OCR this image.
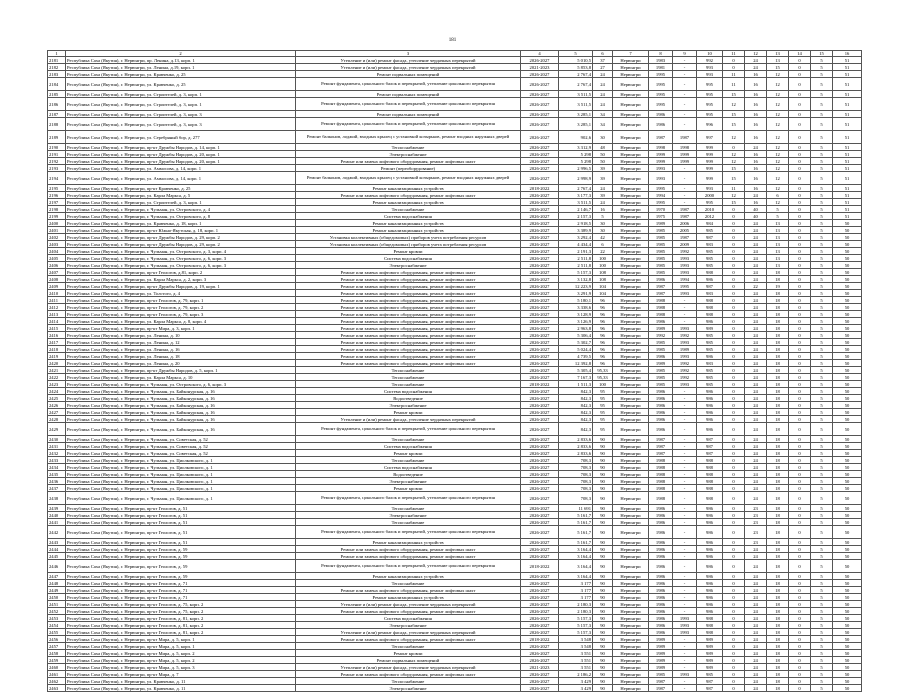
181
1	2	3	4	5	6	7	8	9	10	11	12	13	14	15	16
2181	Республика Саха (Якутия), г. Нерюнгри, пр. Ленина, д.13, корп. 1	Утепление и (или) ремонт фасада, утепление чердачных перекрытий	2026-2027	5 010,5	37	Нерюнгри	1983	-	992	0	24	13	0	5	51
2182	Республика Саха (Якутия), г. Нерюнгри, ул. Ленина, д.19, корп. 1	Утепление и (или) ремонт фасада, утепление чердачных перекрытий	2021-2023	5 853,8	27	Нерюнгри	1981	-	993	0	24	15	0	5	51
2183	Республика Саха (Якутия), г. Нерюнгри, ул. Кравченко, д. 25	Ремонт подвальных помещений	2026-2027	2 767,4	24	Нерюнгри	1995	-	993	11	16	12	0	5	51
2184	Республика Саха (Якутия), г. Нерюнгри, ул. Кравченко, д. 25	Ремонт фундамента, цокольного балок и перекрытий, утепление цокольного перекрытия	2026-2027	2 767,4	24	Нерюнгри	1995	-	995	11	16	12	0	5	51
2185	Республика Саха (Якутия), г. Нерюнгри, ул. Строителей, д. 3, корп. 1	Ремонт подвальных помещений	2026-2027	3 511,5	24	Нерюнгри	1995	-	995	15	16	12	0	5	51
2186	Республика Саха (Якутия), г. Нерюнгри, ул. Строителей, д. 3, корп. 1	Ремонт фундамента, цокольного балок и перекрытий, утепление цокольного перекрытия	2026-2027	3 511,5	24	Нерюнгри	1995	-	995	12	16	12	0	5	51
2187	Республика Саха (Якутия), г. Нерюнгри, ул. Строителей, д. 3, корп. 3	Ремонт подвальных помещений	2026-2027	3 285,1	34	Нерюнгри	1986	-	995	15	16	12	0	5	51
2188	Республика Саха (Якутия), г. Нерюнгри, ул. Строителей, д. 3, корп. 3	Ремонт фундамента, цокольного балок и перекрытий, утепление цокольного перекрытия	2026-2027	3 285,1	34	Нерюнгри	1986	-	996	15	16	12	0	5	51
2189	Республика Саха (Якутия), г. Нерюнгри, ул. Серебряный бор, д. 277	Ремонт балконов, лоджий, входных крылец с установкой козырьков, ремонт входных наружных дверей	2026-2027	902,6	30	Нерюнгри	1987	1987	997	12	16	12	0	5	51
2190	Республика Саха (Якутия), г. Нерюнгри, пр-кт Дружбы Народов, д. 14, корп. 1	Теплоснабжение	2026-2027	3 312,9	48	Нерюнгри	1998	1998	999	0	24	12	0	5	51
2191	Республика Саха (Якутия), г. Нерюнгри, пр-кт Дружбы Народов, д. 20, корп. 1	Электроснабжение	2026-2027	5 298	50	Нерюнгри	1999	1999	999	12	16	12	0	5	51
2192	Республика Саха (Якутия), г. Нерюнгри, пр-кт Дружбы Народов, д. 20, корп. 1	Ремонт или замена лифтового оборудования, ремонт лифтовых шахт	2026-2027	5 298	50	Нерюнгри	1999	1999	999	12	16	12	0	5	51
2193	Республика Саха (Якутия), г. Нерюнгри, ул. Аммосова, д. 14, корп. 1	Ремонт (переоборудование)	2026-2027	2 996,5	39	Нерюнгри	1993	-	999	15	16	12	0	5	51
2194	Республика Саха (Якутия), г. Нерюнгри, ул. Аммосова, д. 14, корп. 1	Ремонт балконов, лоджий, входных крылец с установкой козырьков, ремонт входных наружных дверей	2026-2027	2 998,9	39	Нерюнгри	1993	-	999	15	16	12	0	5	51
2195	Республика Саха (Якутия), г. Нерюнгри, пр-кт Кравченко, д. 25	Ремонт канализационных устройств	2018-2022	2 767,4	24	Нерюнгри	1995	-	993	11	16	12	0	5	51
2196	Республика Саха (Якутия), г. Нерюнгри, ул. Карла Маркса, д. 5	Ремонт или замена лифтового оборудования, ремонт лифтовых шахт	2026-2027	3 177,3	39	Нерюнгри	1994	-	2000	12	24	6	0	5	51
2197	Республика Саха (Якутия), г. Нерюнгри, ул. Строителей, д. 3, корп. 1	Ремонт канализационных устройств	2026-2027	3 511,5	24	Нерюнгри	1995	-	995	15	16	12	0	5	51
2198	Республика Саха (Якутия), г. Нерюнгри, г. Чульман, ул. Островского, д. 4	Теплоснабжение	2026-2027	2 146,7	16	Нерюнгри	1970	1987	2010	0	40	5	0	5	51
2199	Республика Саха (Якутия), г. Нерюнгри, г. Чульман, ул. Островского, д. 8	Система водоснабжения	2026-2027	2 157,3	5	Нерюнгри	1975	1987	2012	0	40	5	0	5	51
2400	Республика Саха (Якутия), г. Нерюнгри, ул. Кравченко, д. 18, корп. 1	Ремонт канализационных устройств	2026-2027	2 918,5	30	Нерюнгри	1989	2006	984	0	24	13	0	5	50
2401	Республика Саха (Якутия), г. Нерюнгри, пр-кт Южно-Якутская, д. 18, корп. 1	Ремонт канализационных устройств	2026-2027	3 389,9	30	Нерюнгри	1985	2005	985	0	24	13	0	5	50
2402	Республика Саха (Якутия), г. Нерюнгри, пр-кт Дружбы Народов, д. 29, корп. 2	Установка коллективных (общедомовых) приборов учета потребления ресурсов	2026-2027	3 292,4	42	Нерюнгри	1985	1987	987	0	24	13	0	5	50
2403	Республика Саха (Якутия), г. Нерюнгри, пр-кт Дружбы Народов, д. 29, корп. 2	Установка коллективных (общедомовых) приборов учета потребления ресурсов	2026-2027	4 434,4	6	Нерюнгри	1985	2009	983	0	24	13	0	5	50
2404	Республика Саха (Якутия), г. Нерюнгри, г. Чульман, ул. Островского, д. 3, корп. 4	Ремонт кровли	2026-2027	2 191,3	22	Нерюнгри	1985	1992	985	0	24	13	0	5	50
2405	Республика Саха (Якутия), г. Нерюнгри, г. Чульман, ул. Островского, д. 6, корп. 3	Система водоснабжения	2026-2027	2 511,8	100	Нерюнгри	1985	1993	985	0	24	13	0	5	50
2406	Республика Саха (Якутия), г. Нерюнгри, г. Чульман, ул. Островского, д. 6, корп. 3	Электроснабжение	2026-2027	2 511,8	100	Нерюнгри	1985	1993	985	0	24	13	0	5	50
2407	Республика Саха (Якутия), г. Нерюнгри, пр-кт Геологов, д.81, корп. 2	Ремонт или замена лифтового оборудования, ремонт лифтовых шахт	2026-2027	5 157,3	108	Нерюнгри	1985	1993	988	0	24	18	0	5	50
2408	Республика Саха (Якутия), г. Нерюнгри, ул. Карла Маркса, д. 2, корп. 3	Ремонт или замена лифтового оборудования, ремонт лифтовых шахт	2026-2027	3 132,8	108	Нерюнгри	1986	1994	986	0	24	18	0	5	50
2409	Республика Саха (Якутия), г. Нерюнгри, пр-кт Дружбы Народов, д. 19, корп. 1	Ремонт или замена лифтового оборудования, ремонт лифтовых шахт	2026-2027	12 223,9	104	Нерюнгри	1987	1995	987	0	22	19	0	5	50
2410	Республика Саха (Якутия), г. Нерюнгри, ул. Толстого, д. 4	Ремонт или замена лифтового оборудования, ремонт лифтовых шахт	2026-2027	3 291,9	104	Нерюнгри	1987	1993	983	0	24	18	0	5	50
2411	Республика Саха (Якутия), г. Нерюнгри, пр-кт Геологов, д. 79, корп. 1	Ремонт или замена лифтового оборудования, ремонт лифтовых шахт	2026-2027	5 180,1	96	Нерюнгри	1988	-	988	0	24	18	0	5	50
2412	Республика Саха (Якутия), г. Нерюнгри, пр-кт Геологов, д. 79, корп. 2	Ремонт или замена лифтового оборудования, ремонт лифтовых шахт	2026-2027	3 338,6	96	Нерюнгри	1988	-	988	0	24	18	0	5	50
2413	Республика Саха (Якутия), г. Нерюнгри, пр-кт Геологов, д. 79, корп. 3	Ремонт или замена лифтового оборудования, ремонт лифтовых шахт	2026-2027	3 128,9	96	Нерюнгри	1988	-	988	0	24	18	0	5	50
2414	Республика Саха (Якутия), г. Нерюнгри, ул. Карла Маркса, д. 8, корп. 4	Ремонт или замена лифтового оборудования, ремонт лифтовых шахт	2026-2027	3 126,9	96	Нерюнгри	1986	-	986	0	24	18	0	5	50
2415	Республика Саха (Якутия), г. Нерюнгри, пр-кт Мира, д. 3, корп. 1	Ремонт или замена лифтового оборудования, ремонт лифтовых шахт	2026-2027	2 963,8	96	Нерюнгри	1989	1993	989	0	24	18	0	5	50
2416	Республика Саха (Якутия), г. Нерюнгри, ул. Ленина, д. 10	Ремонт или замена лифтового оборудования, ремонт лифтовых шахт	2026-2027	5 306,4	96	Нерюнгри	1992	1992	985	0	24	18	0	5	50
2417	Республика Саха (Якутия), г. Нерюнгри, ул. Ленина, д. 12	Ремонт или замена лифтового оборудования, ремонт лифтовых шахт	2026-2027	5 302,7	96	Нерюнгри	1985	1993	985	0	24	18	0	5	50
2418	Республика Саха (Якутия), г. Нерюнгри, ул. Ленина, д. 16	Ремонт или замена лифтового оборудования, ремонт лифтовых шахт	2026-2027	5 024,4	96	Нерюнгри	1985	1989	985	0	24	18	0	5	50
2419	Республика Саха (Якутия), г. Нерюнгри, ул. Ленина, д. 18	Ремонт или замена лифтового оборудования, ремонт лифтовых шахт	2026-2027	4 739,5	96	Нерюнгри	1986	1993	986	0	24	18	0	5	50
2420	Республика Саха (Якутия), г. Нерюнгри, ул. Ленина, д. 20	Ремонт или замена лифтового оборудования, ремонт лифтовых шахт	2026-2027	12 392,8	96	Нерюнгри	1989	1992	983	0	24	18	0	5	50
2421	Республика Саха (Якутия), г. Нерюнгри, пр-кт Дружбы Народов, д. 5, корп. 1	Теплоснабжение	2026-2027	5 305,4	95,33	Нерюнгри	1985	1992	985	0	24	18	0	5	50
2422	Республика Саха (Якутия), г. Нерюнгри, ул. Карла Маркса, д. 10	Теплоснабжение	2026-2027	7 167,3	95,33	Нерюнгри	1985	1992	985	0	24	18	0	5	50
2423	Республика Саха (Якутия), г. Нерюнгри, г. Чульман, ул. Островского, д. 6, корп. 3	Теплоснабжение	2018-2022	1 511,3	100	Нерюнгри	1985	1993	985	0	24	18	0	5	50
2424	Республика Саха (Якутия), г. Нерюнгри, г. Чульман, ул. Байконурская, д. 16	Система водоснабжения	2026-2027	842,3	95	Нерюнгри	1986	-	986	0	24	18	0	5	50
2425	Республика Саха (Якутия), г. Нерюнгри, г. Чульман, ул. Байконурская, д. 16	Водоотведение	2026-2027	842,3	95	Нерюнгри	1986	-	986	0	24	18	0	5	50
2426	Республика Саха (Якутия), г. Нерюнгри, г. Чульман, ул. Байконурская, д. 16	Электроснабжение	2026-2027	842,3	95	Нерюнгри	1986	-	986	0	24	18	0	5	50
2427	Республика Саха (Якутия), г. Нерюнгри, г. Чульман, ул. Байконурская, д. 16	Ремонт кровли	2026-2027	842,3	95	Нерюнгри	1986	-	986	0	24	18	0	5	50
2428	Республика Саха (Якутия), г. Нерюнгри, г. Чульман, ул. Байконурская, д. 16	Утепление и (или) ремонт фасада, утепление чердачных перекрытий	2026-2027	842,3	95	Нерюнгри	1986	-	986	0	24	18	0	5	50
2429	Республика Саха (Якутия), г. Нерюнгри, г. Чульман, ул. Байконурская, д. 16	Ремонт фундамента, цокольного балок и перекрытий, утепление цокольного перекрытия	2026-2027	842,3	95	Нерюнгри	1986	-	986	0	24	18	0	5	50
2430	Республика Саха (Якутия), г. Нерюнгри, г. Чульман, ул. Советская, д. 52	Теплоснабжение	2026-2027	2 833,6	90	Нерюнгри	1987	-	987	0	24	18	0	5	50
2431	Республика Саха (Якутия), г. Нерюнгри, г. Чульман, ул. Советская, д. 52	Система водоснабжения	2026-2027	2 833,6	90	Нерюнгри	1987	-	987	0	24	18	0	5	50
2432	Республика Саха (Якутия), г. Нерюнгри, г. Чульман, ул. Советская, д. 52	Ремонт кровли	2026-2027	2 833,6	90	Нерюнгри	1987	-	987	0	24	18	0	5	50
2433	Республика Саха (Якутия), г. Нерюнгри, г. Чульман, ул. Циолковского, д. 1	Теплоснабжение	2026-2027	708,3	90	Нерюнгри	1988	-	988	0	24	18	0	5	50
2434	Республика Саха (Якутия), г. Нерюнгри, г. Чульман, ул. Циолковского, д. 1	Система водоснабжения	2026-2027	708,3	90	Нерюнгри	1988	-	988	0	24	18	0	5	50
2435	Республика Саха (Якутия), г. Нерюнгри, г. Чульман, ул. Циолковского, д. 1	Водоотведение	2026-2027	708,3	90	Нерюнгри	1988	-	988	0	24	18	0	5	50
2436	Республика Саха (Якутия), г. Нерюнгри, г. Чульман, ул. Циолковского, д. 1	Электроснабжение	2026-2027	708,3	90	Нерюнгри	1988	-	988	0	24	18	0	5	50
2437	Республика Саха (Якутия), г. Нерюнгри, г. Чульман, ул. Циолковского, д. 1	Ремонт кровли	2026-2027	708,3	90	Нерюнгри	1988	-	988	0	24	18	0	5	50
2438	Республика Саха (Якутия), г. Нерюнгри, г. Чульман, ул. Циолковского, д. 1	Ремонт фундамента, цокольного балок и перекрытий, утепление цокольного перекрытия	2026-2027	708,3	90	Нерюнгри	1988	-	988	0	24	18	0	5	50
2439	Республика Саха (Якутия), г. Нерюнгри, пр-кт Геологов, д. 51	Теплоснабжение	2026-2027	11 691	90	Нерюнгри	1986	-	986	0	23	18	0	5	50
2440	Республика Саха (Якутия), г. Нерюнгри, пр-кт Геологов, д. 51	Электроснабжение	2026-2027	5 161,7	90	Нерюнгри	1986	-	986	0	23	18	0	5	50
2441	Республика Саха (Якутия), г. Нерюнгри, пр-кт Геологов, д. 51	Теплоснабжение	2026-2027	5 161,7	90	Нерюнгри	1986	-	986	0	23	18	0	5	50
2442	Республика Саха (Якутия), г. Нерюнгри, пр-кт Геологов, д. 51	Ремонт фундамента, цокольного балок и перекрытий, утепление цокольного перекрытия	2026-2027	5 161,7	90	Нерюнгри	1986	-	986	0	23	18	0	5	50
2443	Республика Саха (Якутия), г. Нерюнгри, пр-кт Геологов, д. 51	Ремонт канализационных устройств	2026-2027	5 161,7	90	Нерюнгри	1986	-	986	0	23	18	0	5	50
2444	Республика Саха (Якутия), г. Нерюнгри, пр-кт Геологов, д. 59	Ремонт или замена лифтового оборудования, ремонт лифтовых шахт	2026-2027	3 164,4	90	Нерюнгри	1986	-	986	0	24	18	0	5	50
2445	Республика Саха (Якутия), г. Нерюнгри, пр-кт Геологов, д. 59	Ремонт или замена лифтового оборудования, ремонт лифтовых шахт	2026-2027	3 164,4	90	Нерюнгри	1986	-	986	0	24	18	0	5	50
2446	Республика Саха (Якутия), г. Нерюнгри, пр-кт Геологов, д. 59	Ремонт фундамента, цокольного балок и перекрытий, утепление цокольного перекрытия	2018-2022	3 164,4	90	Нерюнгри	1986	-	986	0	24	18	0	5	50
2447	Республика Саха (Якутия), г. Нерюнгри, пр-кт Геологов, д. 59	Ремонт канализационных устройств	2026-2027	3 164,4	90	Нерюнгри	1986	-	986	0	24	18	0	5	50
2448	Республика Саха (Якутия), г. Нерюнгри, пр-кт Геологов, д. 71	Теплоснабжение	2026-2027	3 177	90	Нерюнгри	1986	-	986	0	24	18	0	5	50
2449	Республика Саха (Якутия), г. Нерюнгри, пр-кт Геологов, д. 71	Ремонт или замена лифтового оборудования, ремонт лифтовых шахт	2026-2027	3 177	90	Нерюнгри	1986	-	986	0	24	18	0	5	50
2450	Республика Саха (Якутия), г. Нерюнгри, пр-кт Геологов, д. 71	Ремонт канализационных устройств	2026-2027	3 177	90	Нерюнгри	1986	-	986	0	24	18	0	5	50
2451	Республика Саха (Якутия), г. Нерюнгри, пр-кт Геологов, д. 75, корп. 2	Утепление и (или) ремонт фасада, утепление чердачных перекрытий	2026-2027	2 180,3	90	Нерюнгри	1986	-	986	0	24	18	0	5	50
2452	Республика Саха (Якутия), г. Нерюнгри, пр-кт Геологов, д. 75, корп. 2	Ремонт или замена лифтового оборудования, ремонт лифтовых шахт	2026-2027	2 180,3	90	Нерюнгри	1986	-	986	0	24	18	0	5	50
2453	Республика Саха (Якутия), г. Нерюнгри, пр-кт Геологов, д. 81, корп. 2	Система водоснабжения	2026-2027	5 157,3	90	Нерюнгри	1986	1993	988	0	24	18	0	5	50
2454	Республика Саха (Якутия), г. Нерюнгри, пр-кт Геологов, д. 81, корп. 2	Электроснабжение	2026-2027	5 157,3	90	Нерюнгри	1986	1993	988	0	24	18	0	5	50
2455	Республика Саха (Якутия), г. Нерюнгри, пр-кт Геологов, д. 81, корп. 2	Утепление и (или) ремонт фасада, утепление чердачных перекрытий	2026-2027	5 157,3	90	Нерюнгри	1986	1993	988	0	24	18	0	5	50
2456	Республика Саха (Якутия), г. Нерюнгри, пр-кт Мира, д. 5, корп. 1	Ремонт или замена лифтового оборудования, ремонт лифтовых шахт	2018-2022	3 548	90	Нерюнгри	1989	-	989	0	24	18	0	5	50
2457	Республика Саха (Якутия), г. Нерюнгри, пр-кт Мира, д. 5, корп. 1	Теплоснабжение	2026-2027	3 548	90	Нерюнгри	1989	-	989	0	24	18	0	5	50
2458	Республика Саха (Якутия), г. Нерюнгри, пр-кт Мира, д. 5, корп. 2	Ремонт кровли	2026-2027	3 551	90	Нерюнгри	1989	-	989	0	24	18	0	5	50
2459	Республика Саха (Якутия), г. Нерюнгри, пр-кт Мира, д. 5, корп. 2	Ремонт подвальных помещений	2026-2027	3 551	90	Нерюнгри	1989	-	989	0	24	18	0	5	50
2460	Республика Саха (Якутия), г. Нерюнгри, пр-кт Мира, д. 5, корп. 3	Утепление и (или) ремонт фасада, утепление чердачных перекрытий	2021-2023	3 551	90	Нерюнгри	1989	-	989	0	24	18	0	5	50
2461	Республика Саха (Якутия), г. Нерюнгри, пр-кт Мира, д. 7	Ремонт или замена лифтового оборудования, ремонт лифтовых шахт	2026-2027	2 186,2	90	Нерюнгри	1985	1993	985	0	24	18	0	5	50
2462	Республика Саха (Якутия), г. Нерюнгри, ул. Кравченко, д. 11	Теплоснабжение	2026-2027	3 429	90	Нерюнгри	1987	-	987	0	24	18	0	5	50
2463	Республика Саха (Якутия), г. Нерюнгри, ул. Кравченко, д. 11	Электроснабжение	2026-2027	3 429	90	Нерюнгри	1987	-	987	0	24	18	0	5	50
